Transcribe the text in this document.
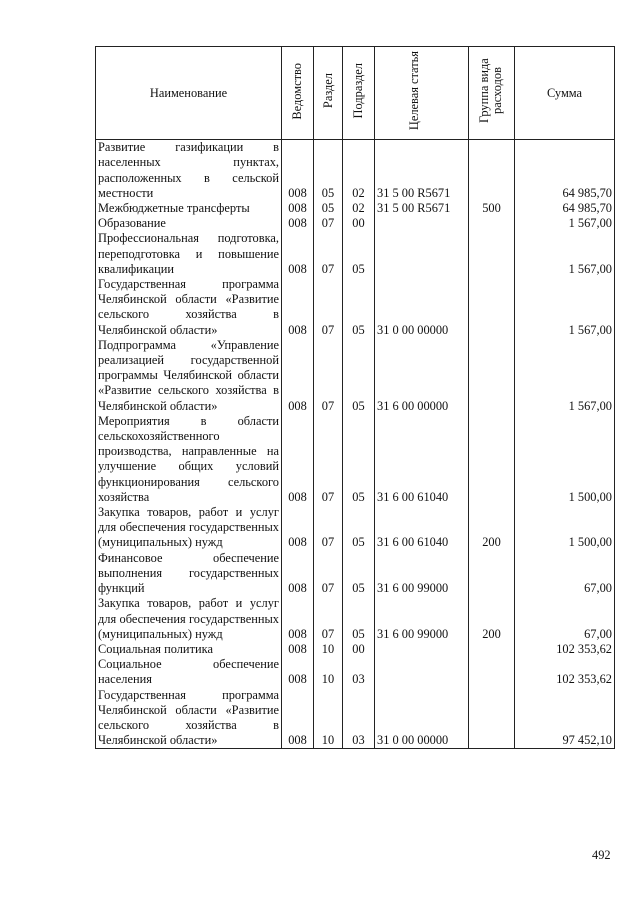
Наименование	Ведомство	Раздел	Подраздел	Целевая статья	Группа вида расходов	Сумма
Развитие газификации в населенных пунктах, расположенных в сельской местности	008	05	02	31 5 00 R5671		64 985,70
Межбюджетные трансферты	008	05	02	31 5 00 R5671	500	64 985,70
Образование	008	07	00			1 567,00
Профессиональная подготовка, переподготовка и повышение квалификации	008	07	05			1 567,00
Государственная программа Челябинской области «Развитие сельского хозяйства в Челябинской области»	008	07	05	31 0 00 00000		1 567,00
Подпрограмма «Управление реализацией государственной программы Челябинской области «Развитие сельского хозяйства в Челябинской области»	008	07	05	31 6 00 00000		1 567,00
Мероприятия в области сельскохозяйственного производства, направленные на улучшение общих условий функционирования сельского хозяйства	008	07	05	31 6 00 61040		1 500,00
Закупка товаров, работ и услуг для обеспечения государственных (муниципальных) нужд	008	07	05	31 6 00 61040	200	1 500,00
Финансовое обеспечение выполнения государственных функций	008	07	05	31 6 00 99000		67,00
Закупка товаров, работ и услуг для обеспечения государственных (муниципальных) нужд	008	07	05	31 6 00 99000	200	67,00
Социальная политика	008	10	00			102 353,62
Социальное обеспечение населения	008	10	03			102 353,62
Государственная программа Челябинской области «Развитие сельского хозяйства в Челябинской области»	008	10	03	31 0 00 00000		97 452,10
492
